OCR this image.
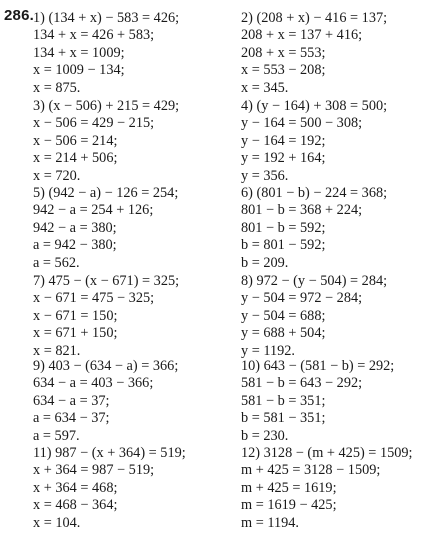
286. 1) (134 + x) − 583 = 426;
134 + x = 426 + 583;
134 + x = 1009;
x = 1009 − 134;
x = 875.
2) (208 + x) − 416 = 137;
208 + x = 137 + 416;
208 + x = 553;
x = 553 − 208;
x = 345.
3) (x − 506) + 215 = 429;
x − 506 = 429 − 215;
x − 506 = 214;
x = 214 + 506;
x = 720.
4) (y − 164) + 308 = 500;
y − 164 = 500 − 308;
y − 164 = 192;
y = 192 + 164;
y = 356.
5) (942 − a) − 126 = 254;
942 − a = 254 + 126;
942 − a = 380;
a = 942 − 380;
a = 562.
6) (801 − b) − 224 = 368;
801 − b = 368 + 224;
801 − b = 592;
b = 801 − 592;
b = 209.
7) 475 − (x − 671) = 325;
x − 671 = 475 − 325;
x − 671 = 150;
x = 671 + 150;
x = 821.
8) 972 − (y − 504) = 284;
y − 504 = 972 − 284;
y − 504 = 688;
y = 688 + 504;
y = 1192.
9) 403 − (634 − a) = 366;
634 − a = 403 − 366;
634 − a = 37;
a = 634 − 37;
a = 597.
10) 643 − (581 − b) = 292;
581 − b = 643 − 292;
581 − b = 351;
b = 581 − 351;
b = 230.
11) 987 − (x + 364) = 519;
x + 364 = 987 − 519;
x + 364 = 468;
x = 468 − 364;
x = 104.
12) 3128 − (m + 425) = 1509;
m + 425 = 3128 − 1509;
m + 425 = 1619;
m = 1619 − 425;
m = 1194.
